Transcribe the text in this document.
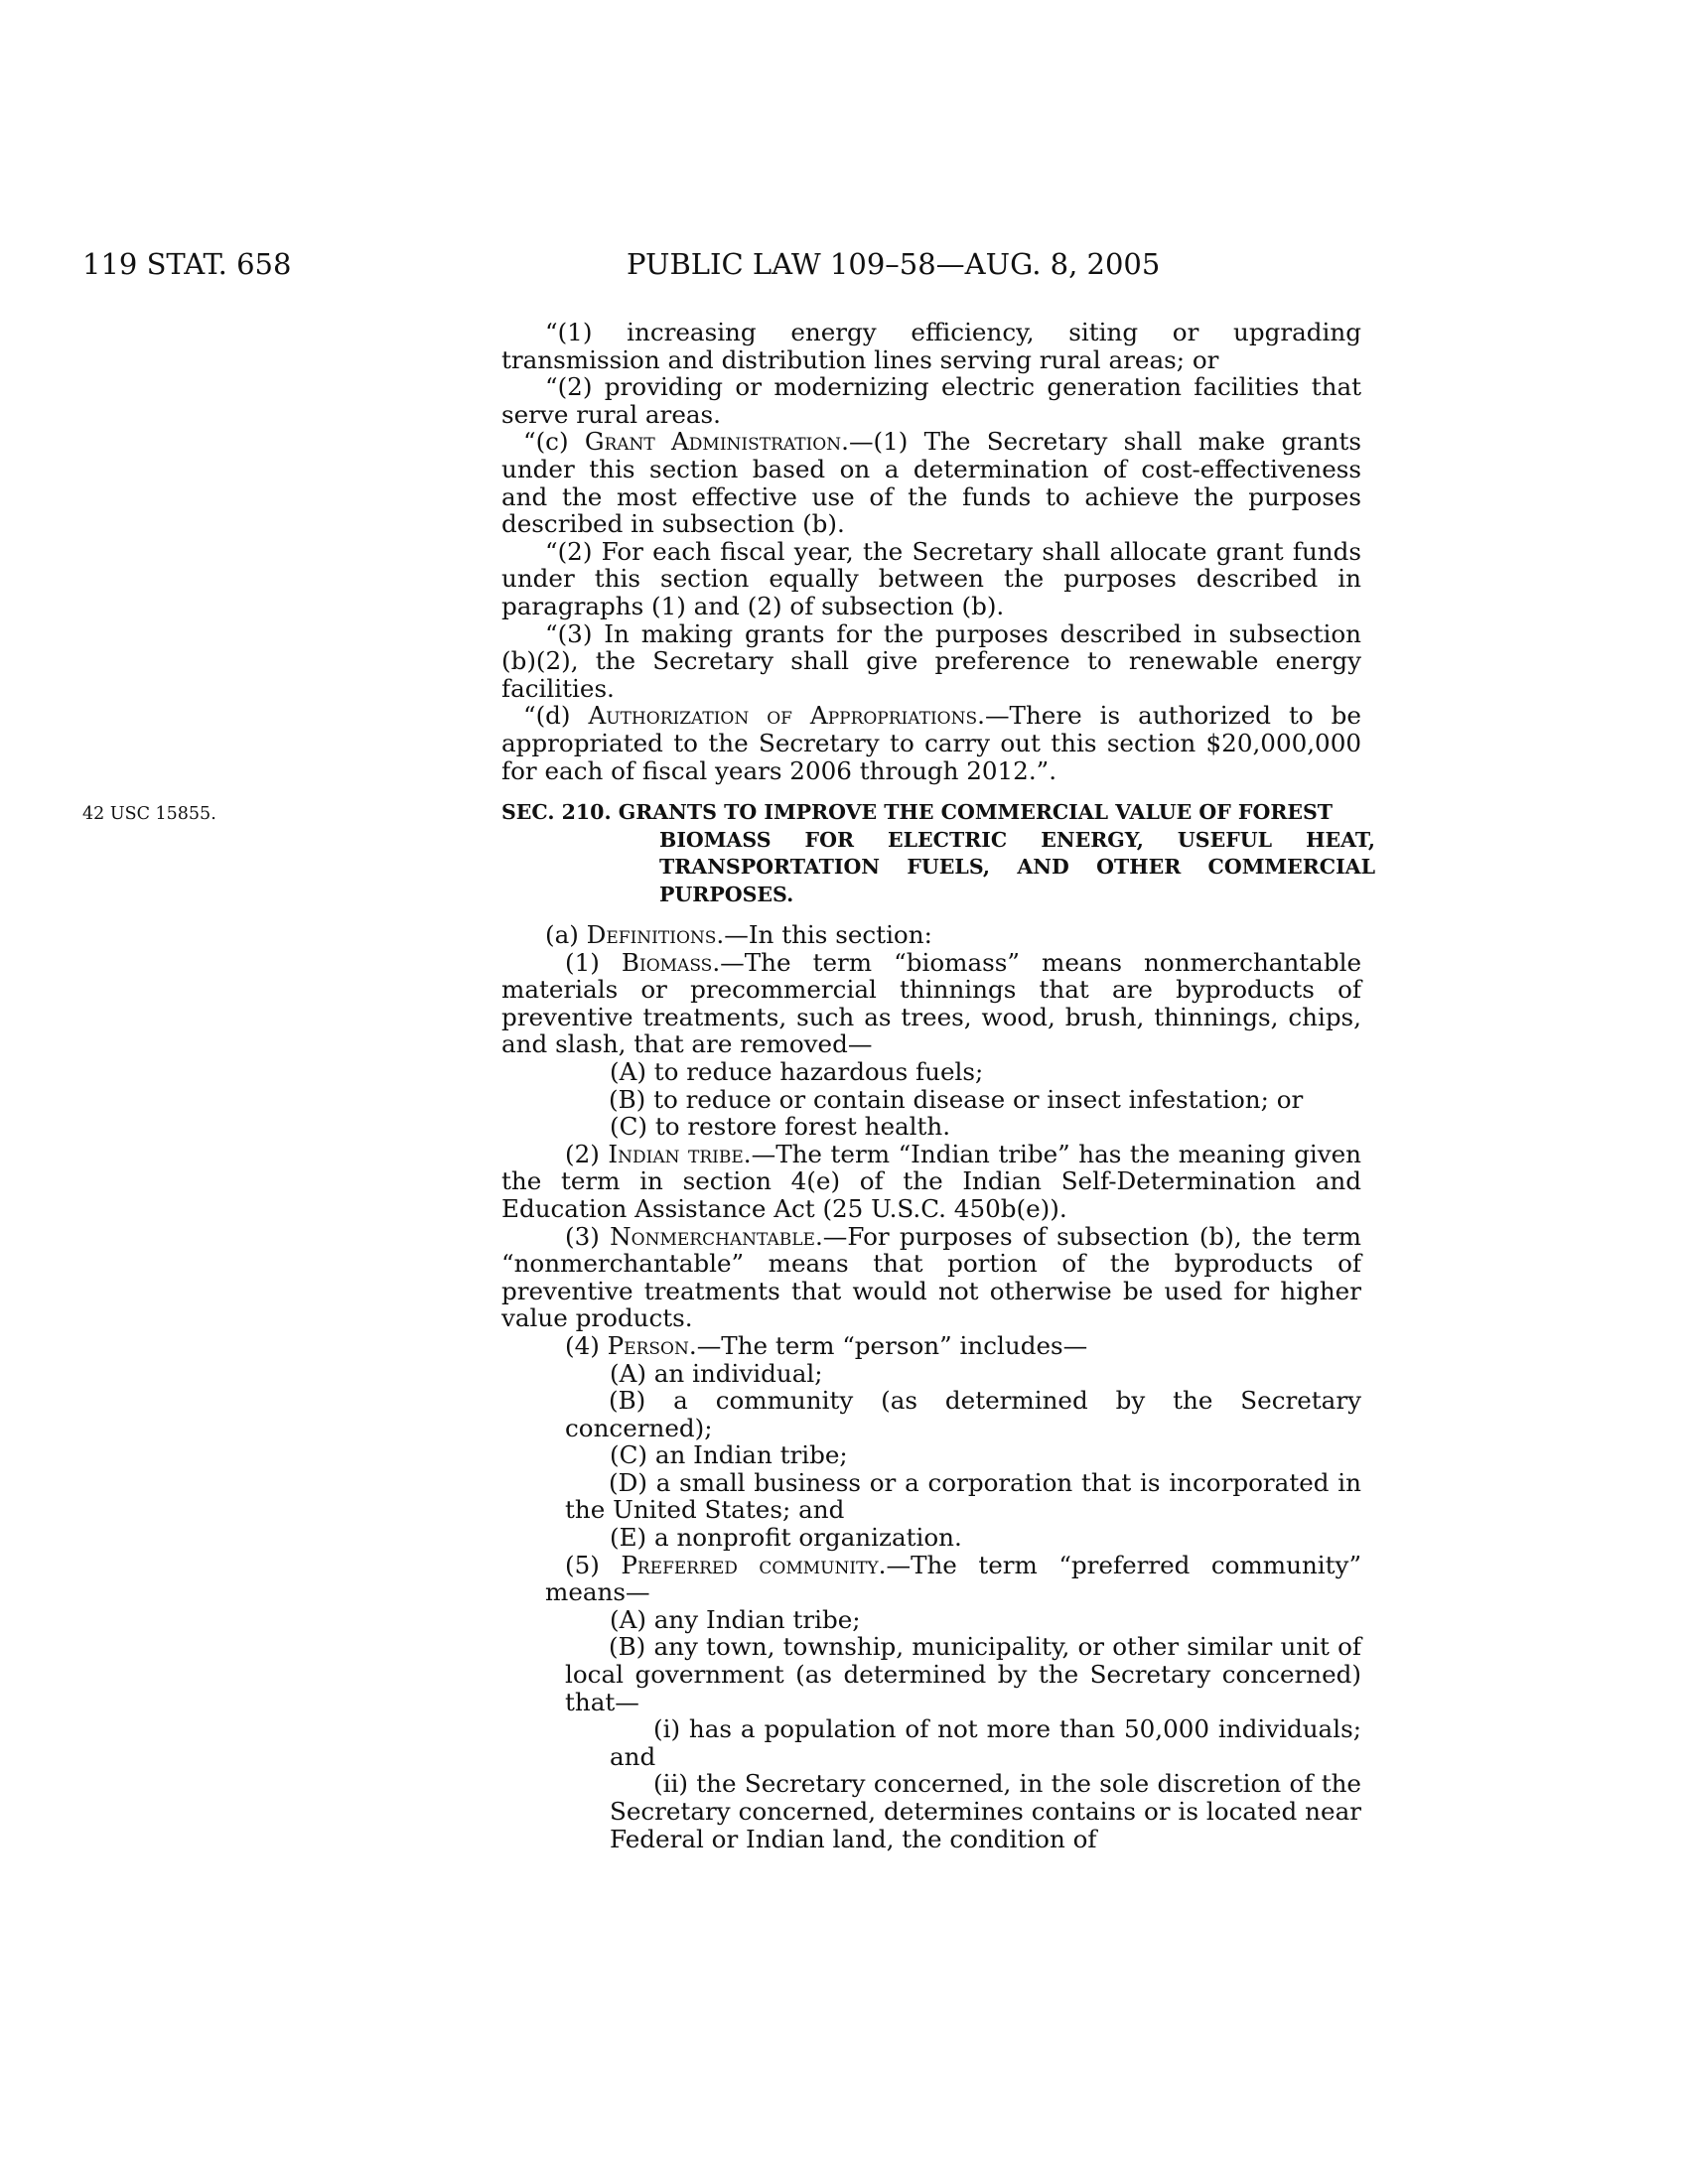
119 STAT. 658	PUBLIC LAW 109–58—AUG. 8, 2005

“(1) increasing energy efficiency, siting or upgrading transmission and distribution lines serving rural areas; or

“(2) providing or modernizing electric generation facilities that serve rural areas.

“(c) Grant Administration.—(1) The Secretary shall make grants under this section based on a determination of cost-effectiveness and the most effective use of the funds to achieve the purposes described in subsection (b).

“(2) For each fiscal year, the Secretary shall allocate grant funds under this section equally between the purposes described in paragraphs (1) and (2) of subsection (b).

“(3) In making grants for the purposes described in subsection (b)(2), the Secretary shall give preference to renewable energy facilities.

“(d) Authorization of Appropriations.—There is authorized to be appropriated to the Secretary to carry out this section $20,000,000 for each of fiscal years 2006 through 2012.”.

42 USC 15855.	SEC. 210. GRANTS TO IMPROVE THE COMMERCIAL VALUE OF FOREST

BIOMASS FOR ELECTRIC ENERGY, USEFUL HEAT, TRANSPORTATION FUELS, AND OTHER COMMERCIAL PURPOSES.

(a) Definitions.—In this section:

(1) Biomass.—The term “biomass” means nonmerchantable materials or precommercial thinnings that are byproducts of preventive treatments, such as trees, wood, brush, thinnings, chips, and slash, that are removed—

(A) to reduce hazardous fuels;

(B) to reduce or contain disease or insect infestation; or

(C) to restore forest health.

(2) Indian tribe.—The term “Indian tribe” has the meaning given the term in section 4(e) of the Indian Self-Determination and Education Assistance Act (25 U.S.C. 450b(e)).

(3) Nonmerchantable.—For purposes of subsection (b), the term “nonmerchantable” means that portion of the byproducts of preventive treatments that would not otherwise be used for higher value products.

(4) Person.—The term “person” includes—

(A) an individual;

(B) a community (as determined by the Secretary concerned);

(C) an Indian tribe;

(D) a small business or a corporation that is incorporated in the United States; and

(E) a nonprofit organization.

(5) Preferred community.—The term “preferred community” means—

(A) any Indian tribe;

(B) any town, township, municipality, or other similar unit of local government (as determined by the Secretary concerned) that—

(i) has a population of not more than 50,000 individuals; and

(ii) the Secretary concerned, in the sole discretion of the Secretary concerned, determines contains or is located near Federal or Indian land, the condition of
